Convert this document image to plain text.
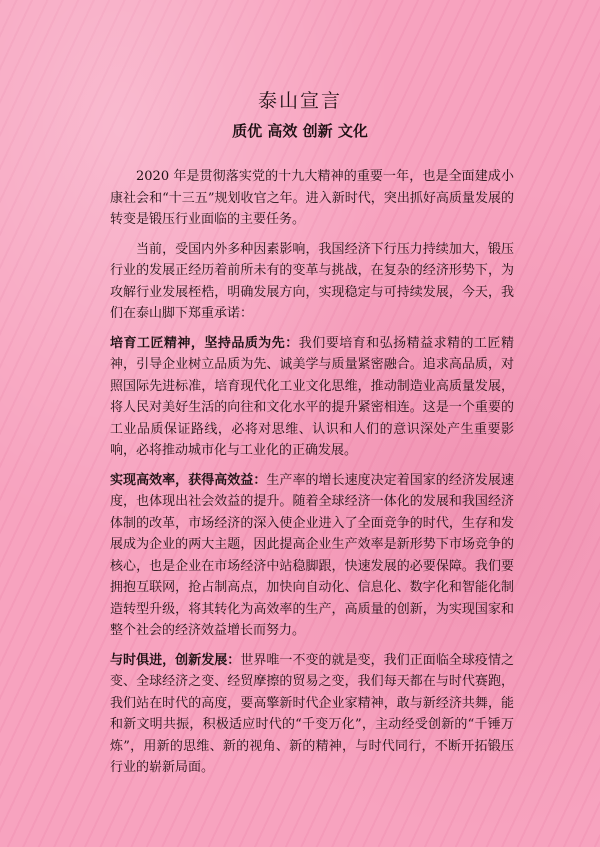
泰山宣言
质优 高效 创新 文化

2020 年是贯彻落实党的十九大精神的重要一年，也是全面建成小康社会和“十三五”规划收官之年。进入新时代，突出抓好高质量发展的转变是锻压行业面临的主要任务。

当前，受国内外多种因素影响，我国经济下行压力持续加大，锻压行业的发展正经历着前所未有的变革与挑战，在复杂的经济形势下，为攻解行业发展桎梏，明确发展方向，实现稳定与可持续发展，今天，我们在泰山脚下郑重承诺：

培育工匠精神，坚持品质为先：我们要培育和弘扬精益求精的工匠精神，引导企业树立品质为先、诚美学与质量紧密融合。追求高品质，对照国际先进标准，培育现代化工业文化思维，推动制造业高质量发展，将人民对美好生活的向往和文化水平的提升紧密相连。这是一个重要的工业品质保证路线，必将对思维、认识和人们的意识深处产生重要影响，必将推动城市化与工业化的正确发展。

实现高效率，获得高效益：生产率的增长速度决定着国家的经济发展速度，也体现出社会效益的提升。随着全球经济一体化的发展和我国经济体制的改革，市场经济的深入使企业进入了全面竞争的时代，生存和发展成为企业的两大主题，因此提高企业生产效率是新形势下市场竞争的核心，也是企业在市场经济中站稳脚跟，快速发展的必要保障。我们要拥抱互联网，抢占制高点，加快向自动化、信息化、数字化和智能化制造转型升级，将其转化为高效率的生产，高质量的创新，为实现国家和整个社会的经济效益增长而努力。

与时俱进，创新发展：世界唯一不变的就是变，我们正面临全球疫情之变、全球经济之变、经贸摩擦的贸易之变，我们每天都在与时代赛跑，我们站在时代的高度，要高擎新时代企业家精神，敢与新经济共舞，能和新文明共振，积极适应时代的“千变万化”，主动经受创新的“千锤万炼”，用新的思维、新的视角、新的精神，与时代同行，不断开拓锻压行业的崭新局面。
